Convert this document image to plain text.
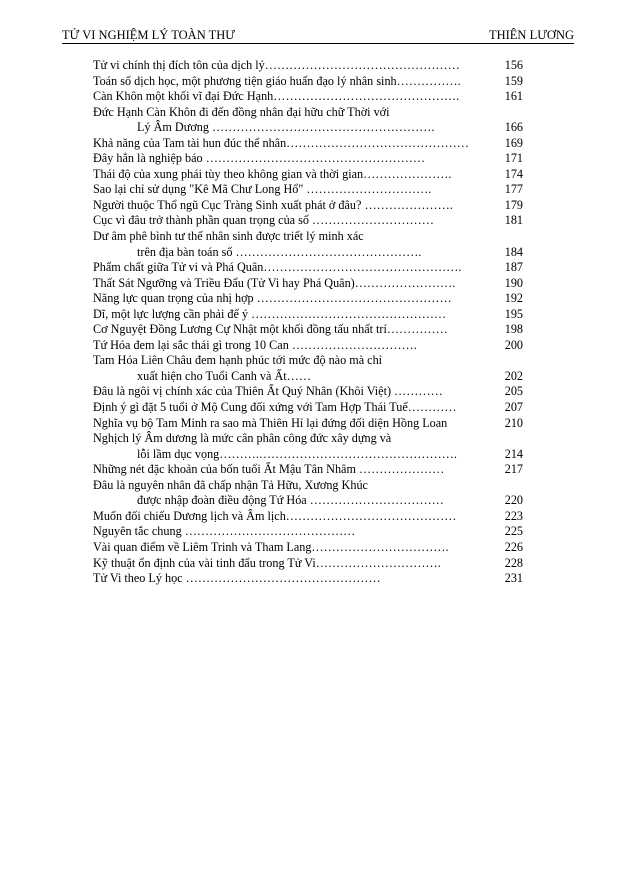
TỬ VI NGHIỆM LÝ TOÀN THƯ	THIÊN LƯƠNG
Tử vi chính thị đích tôn của dịch lý…………………………………………	156
Toán số dịch học, một phương tiện giáo huấn đạo lý nhân sinh…………….	159
Càn Khôn một khối vĩ đại Đức Hạnh……………………………………….	161
Đức Hạnh Càn Khôn đi đến đồng nhân đại hữu chữ Thời với
Lý Âm Dương ……………………………………………….	166
Khả năng của Tam tài hun đúc thể nhân………………………………………	169
Đây hẳn là nghiệp báo ………………………………………………	171
Thái độ của xung phái tùy theo không gian và thời gian………………….	174
Sao lại chỉ sử dụng "Kê Mã Chư Long Hổ" ………………………….	177
Người thuộc Thổ ngũ Cục Tràng Sinh xuất phát ở đâu? ………………….	179
Cục vì đâu trở thành phần quan trọng của số …………………………	181
Dư âm phê bình tư thế nhân sinh được triết lý minh xác
trên địa bàn toán số ……………………………………….	184
Phẩm chất giữa Tử vi và Phá Quân………………………………………….	187
Thất Sát Ngưỡng và Triều Đẩu (Tử Vi hay Phá Quân)…………………….	190
Năng lực quan trọng của nhị hợp …………………………………………	192
Dĩ, một lực lượng cần phải để ý …………………………………………	195
Cơ Nguyệt Đồng Lương Cự Nhật một khối đồng tấu nhất trí……………	198
Tứ Hóa đem lại sắc thái gì trong 10 Can ………………………….	200
Tam Hóa Liên Châu đem hạnh phúc tới mức độ nào mà chỉ
xuất hiện cho Tuổi Canh và Ất……	202
Đâu là ngôi vị chính xác của Thiên Ất Quý Nhân (Khôi Việt) …………	205
Định ý gì đặt 5 tuổi ở Mộ Cung đối xứng với Tam Hợp Thái Tuế…………	207
Nghĩa vụ bộ Tam Minh ra sao mà Thiên Hỉ lại đứng đối diện Hồng Loan	210
Nghịch lý Âm dương là mức cân phân công đức xây dựng và
lỗi lầm dục vọng……….………………………………………….	214
Những nét đặc khoản của bốn tuổi Ất Mậu Tân Nhâm …………………	217
Đâu là nguyên nhân đã chấp nhận Tả Hữu, Xương Khúc
được nhập đoàn điều động Tứ Hóa ……………………………	220
Muốn đối chiếu Dương lịch và Âm lịch……………………………………	223
Nguyên tắc chung ……………………………………	225
Vài quan điểm về Liêm Trinh và Tham Lang…………………………….	226
Kỹ thuật ổn định của vài tinh đẩu trong Tử Vi………………………….	228
Tử Vi theo Lý học …………………………………………	231
